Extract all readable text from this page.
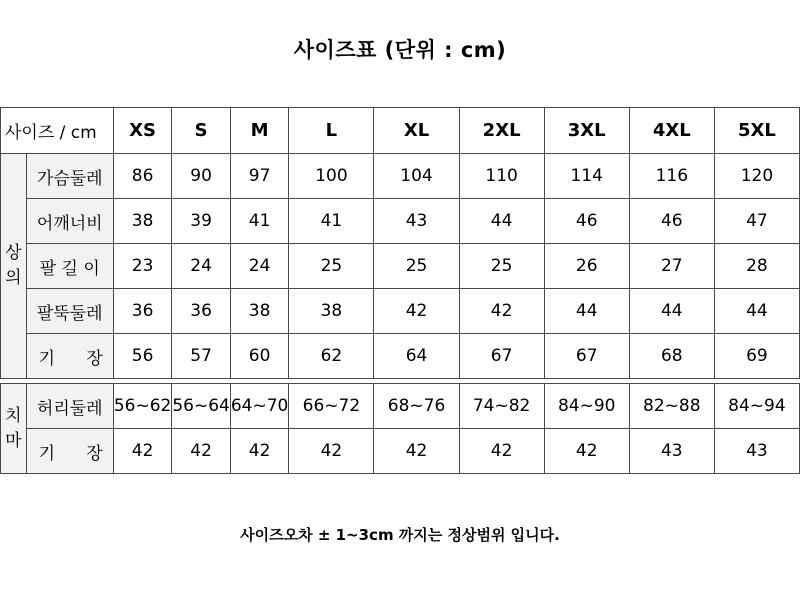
사이즈표 (단위 : cm)
사이즈 / cm		XS	S	M	L	XL	2XL	3XL	4XL	5XL
상
의	가슴둘레	86	90	97	100	104	110	114	116	120
	어깨너비	38	39	41	41	43	44	46	46	47
	팔 길 이	23	24	24	25	25	25	26	27	28
	팔뚝둘레	36	36	38	38	42	42	44	44	44
	기 장	56	57	60	62	64	67	67	68	69

치
마	허리둘레	56~62	56~64	64~70	66~72	68~76	74~82	84~90	82~88	84~94
	기 장	42	42	42	42	42	42	42	43	43
사이즈오차 ± 1~3cm 까지는 정상범위 입니다.
